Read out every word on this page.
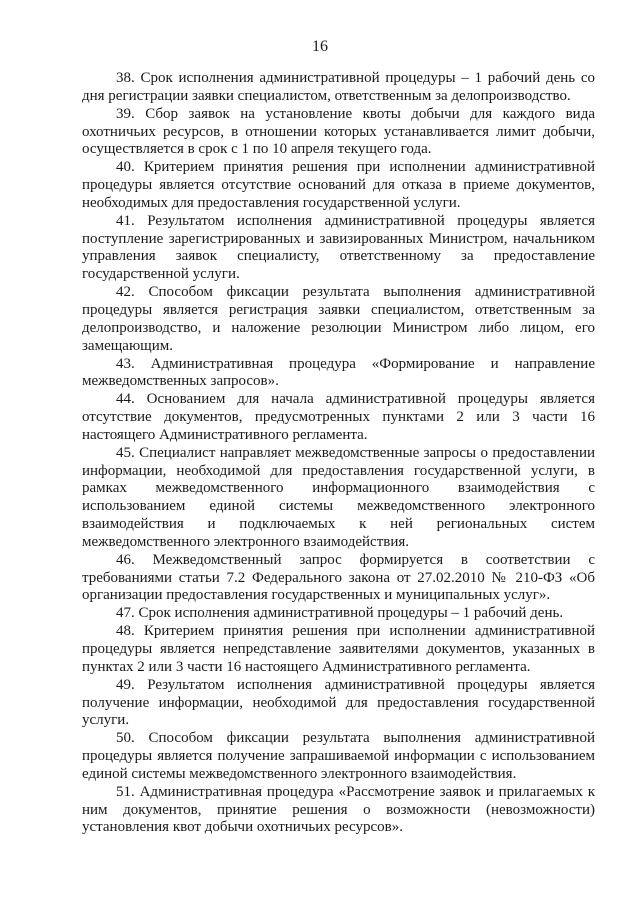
16

38. Срок исполнения административной процедуры – 1 рабочий день со дня регистрации заявки специалистом, ответственным за делопроизводство.

39. Сбор заявок на установление квоты добычи для каждого вида охотничьих ресурсов, в отношении которых устанавливается лимит добычи, осуществляется в срок с 1 по 10 апреля текущего года.

40. Критерием принятия решения при исполнении административной процедуры является отсутствие оснований для отказа в приеме документов, необходимых для предоставления государственной услуги.

41. Результатом исполнения административной процедуры является поступление зарегистрированных и завизированных Министром, начальником управления заявок специалисту, ответственному за предоставление государственной услуги.

42. Способом фиксации результата выполнения административной процедуры является регистрация заявки специалистом, ответственным за делопроизводство, и наложение резолюции Министром либо лицом, его замещающим.

43. Административная процедура «Формирование и направление межведомственных запросов».

44. Основанием для начала административной процедуры является отсутствие документов, предусмотренных пунктами 2 или 3 части 16 настоящего Административного регламента.

45. Специалист направляет межведомственные запросы о предоставлении информации, необходимой для предоставления государственной услуги, в рамках межведомственного информационного взаимодействия с использованием единой системы межведомственного электронного взаимодействия и подключаемых к ней региональных систем межведомственного электронного взаимодействия.

46. Межведомственный запрос формируется в соответствии с требованиями статьи 7.2 Федерального закона от 27.02.2010 № 210-ФЗ «Об организации предоставления государственных и муниципальных услуг».

47. Срок исполнения административной процедуры – 1 рабочий день.

48. Критерием принятия решения при исполнении административной процедуры является непредставление заявителями документов, указанных в пунктах 2 или 3 части 16 настоящего Административного регламента.

49. Результатом исполнения административной процедуры является получение информации, необходимой для предоставления государственной услуги.

50. Способом фиксации результата выполнения административной процедуры является получение запрашиваемой информации с использованием единой системы межведомственного электронного взаимодействия.

51. Административная процедура «Рассмотрение заявок и прилагаемых к ним документов, принятие решения о возможности (невозможности) установления квот добычи охотничьих ресурсов».
